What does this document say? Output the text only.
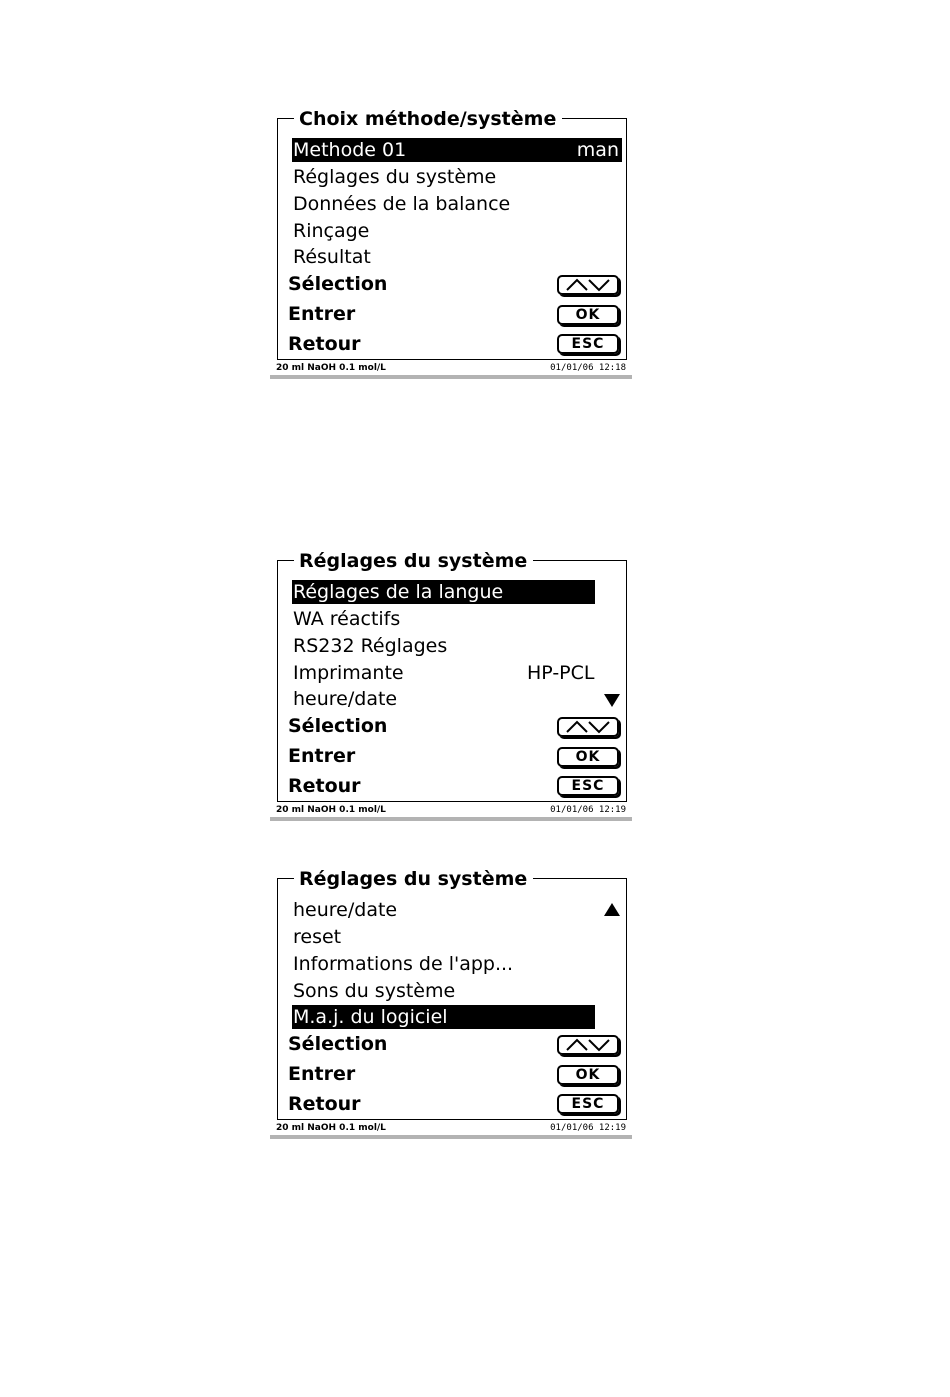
Choix méthode/système
Methode 01	man
Réglages du système
Données de la balance
Rinçage
Résultat
Sélection
Entrer	OK
Retour	ESC
20 ml NaOH 0.1 mol/L	01/01/06 12:18
Réglages du système
Réglages de la langue
WA réactifs
RS232 Réglages
Imprimante	HP-PCL
heure/date
Sélection
Entrer	OK
Retour	ESC
20 ml NaOH 0.1 mol/L	01/01/06 12:19
Réglages du système
heure/date
reset
Informations de l'app...
Sons du système
M.a.j. du logiciel
Sélection
Entrer	OK
Retour	ESC
20 ml NaOH 0.1 mol/L	01/01/06 12:19
